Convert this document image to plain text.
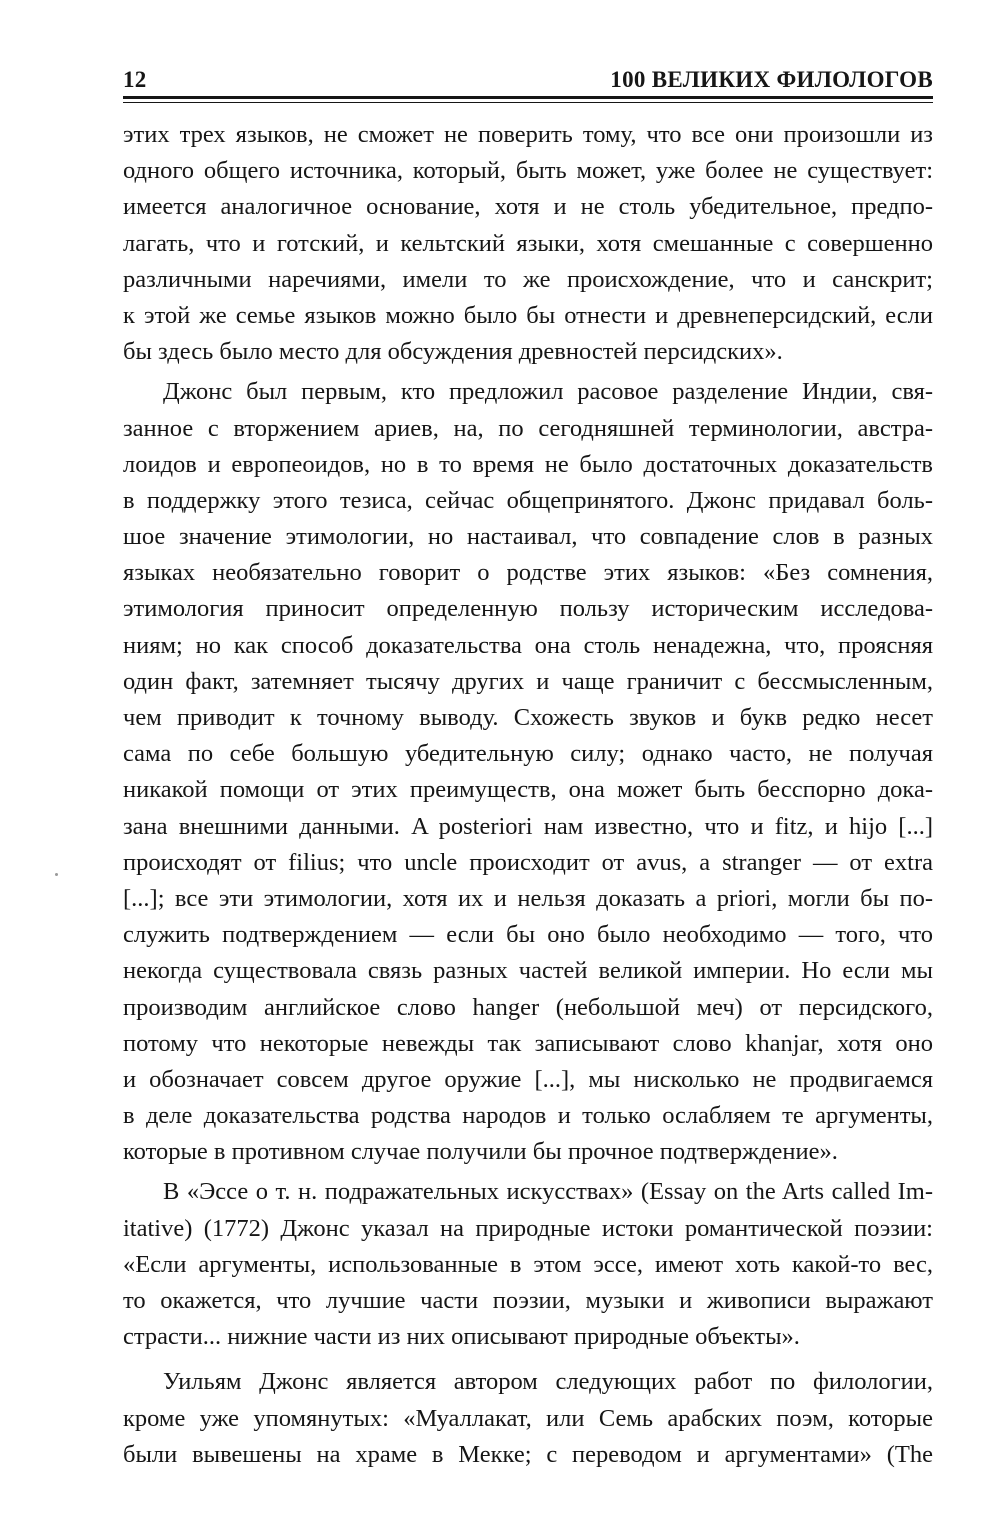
12	100 ВЕЛИКИХ ФИЛОЛОГОВ
этих трех языков, не сможет не поверить тому, что все они произошли из
одного общего источника, который, быть может, уже более не существует:
имеется аналогичное основание, хотя и не столь убедительное, предпо-
лагать, что и готский, и кельтский языки, хотя смешанные с совершенно
различными наречиями, имели то же происхождение, что и санскрит;
к этой же семье языков можно было бы отнести и древнеперсидский, если
бы здесь было место для обсуждения древностей персидских».
Джонс был первым, кто предложил расовое разделение Индии, свя-
занное с вторжением ариев, на, по сегодняшней терминологии, австра-
лоидов и европеоидов, но в то время не было достаточных доказательств
в поддержку этого тезиса, сейчас общепринятого. Джонс придавал боль-
шое значение этимологии, но настаивал, что совпадение слов в разных
языках необязательно говорит о родстве этих языков: «Без сомнения,
этимология приносит определенную пользу историческим исследова-
ниям; но как способ доказательства она столь ненадежна, что, проясняя
один факт, затемняет тысячу других и чаще граничит с бессмысленным,
чем приводит к точному выводу. Схожесть звуков и букв редко несет
сама по себе большую убедительную силу; однако часто, не получая
никакой помощи от этих преимуществ, она может быть бесспорно дока-
зана внешними данными. A posteriori нам известно, что и fitz, и hijo [...]
происходят от filius; что uncle происходит от avus, a stranger — от extra
[...]; все эти этимологии, хотя их и нельзя доказать a priori, могли бы по-
служить подтверждением — если бы оно было необходимо — того, что
некогда существовала связь разных частей великой империи. Но если мы
производим английское слово hanger (небольшой меч) от персидского,
потому что некоторые невежды так записывают слово khanjar, хотя оно
и обозначает совсем другое оружие [...], мы нисколько не продвигаемся
в деле доказательства родства народов и только ослабляем те аргументы,
которые в противном случае получили бы прочное подтверждение».
В «Эссе о т. н. подражательных искусствах» (Essay on the Arts called Im-
itative) (1772) Джонс указал на природные истоки романтической поэзии:
«Если аргументы, использованные в этом эссе, имеют хоть какой-то вес,
то окажется, что лучшие части поэзии, музыки и живописи выражают
страсти... нижние части из них описывают природные объекты».
Уильям Джонс является автором следующих работ по филологии,
кроме уже упомянутых: «Муаллакат, или Семь арабских поэм, которые
были вывешены на храме в Мекке; с переводом и аргументами» (The
